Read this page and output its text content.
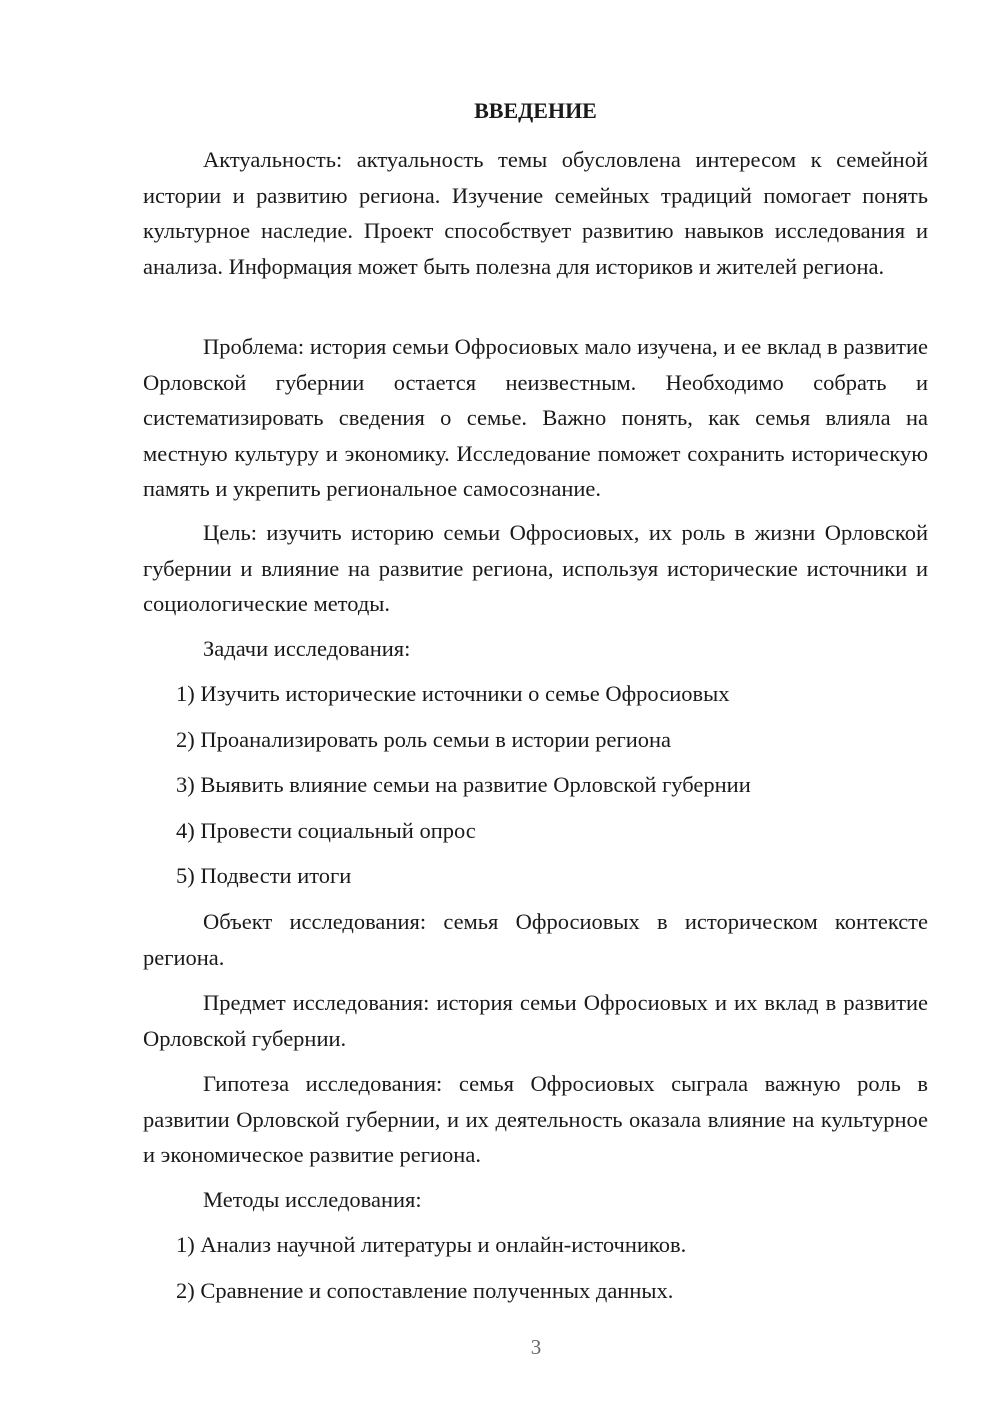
ВВЕДЕНИЕ

Актуальность: актуальность темы обусловлена интересом к семейной истории и развитию региона. Изучение семейных традиций помогает понять культурное наследие. Проект способствует развитию навыков исследования и анализа. Информация может быть полезна для историков и жителей региона.

Проблема: история семьи Офросиовых мало изучена, и ее вклад в развитие Орловской губернии остается неизвестным. Необходимо собрать и систематизировать сведения о семье. Важно понять, как семья влияла на местную культуру и экономику. Исследование поможет сохранить историческую память и укрепить региональное самосознание.

Цель: изучить историю семьи Офросиовых, их роль в жизни Орловской губернии и влияние на развитие региона, используя исторические источники и социологические методы.

Задачи исследования:

1) Изучить исторические источники о семье Офросиовых

2) Проанализировать роль семьи в истории региона

3) Выявить влияние семьи на развитие Орловской губернии

4) Провести социальный опрос

5) Подвести итоги

Объект исследования: семья Офросиовых в историческом контексте региона.

Предмет исследования: история семьи Офросиовых и их вклад в развитие Орловской губернии.

Гипотеза исследования: семья Офросиовых сыграла важную роль в развитии Орловской губернии, и их деятельность оказала влияние на культурное и экономическое развитие региона.

Методы исследования:

1) Анализ научной литературы и онлайн-источников.

2) Сравнение и сопоставление полученных данных.

3
